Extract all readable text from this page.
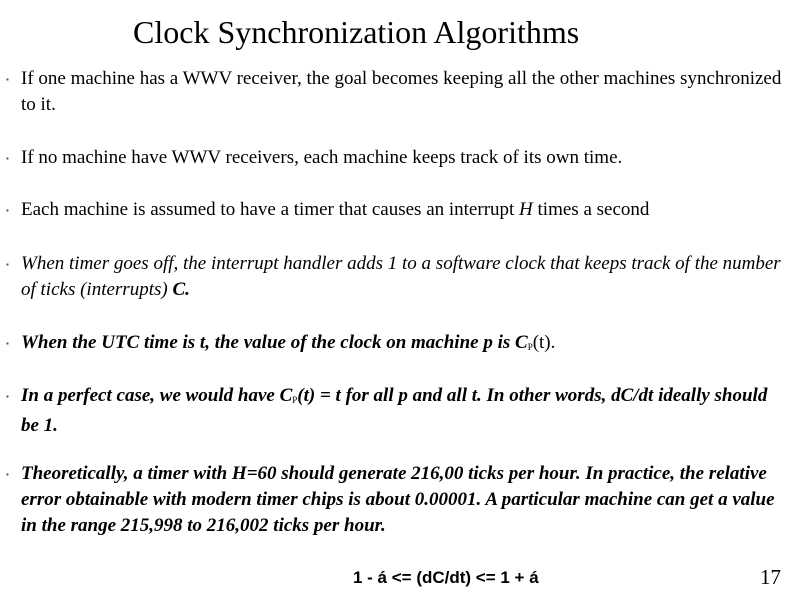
Clock Synchronization Algorithms
▪ If one machine has a WWV receiver, the goal becomes keeping all the other machines synchronized to it.
▪ If no machine have WWV receivers, each machine keeps track of its own time.
▪ Each machine is assumed to have a timer that causes an interrupt H times a second
▪ When timer goes off, the interrupt handler adds 1 to a software clock that keeps track of the number of ticks (interrupts) C.
▪ When the UTC time is t, the value of the clock on machine p is $C_P(t)$.
▪ In a perfect case, we would have $C_P(t) = t$ for all p and all t. In other words, dC/dt ideally should be 1.
▪ Theoretically, a timer with H=60 should generate 216,00 ticks per hour. In practice, the relative error obtainable with modern timer chips is about 0.00001. A particular machine can get a value in the range 215,998 to 216,002 ticks per hour.
1 - á <= (dC/dt) <= 1 + á	17
